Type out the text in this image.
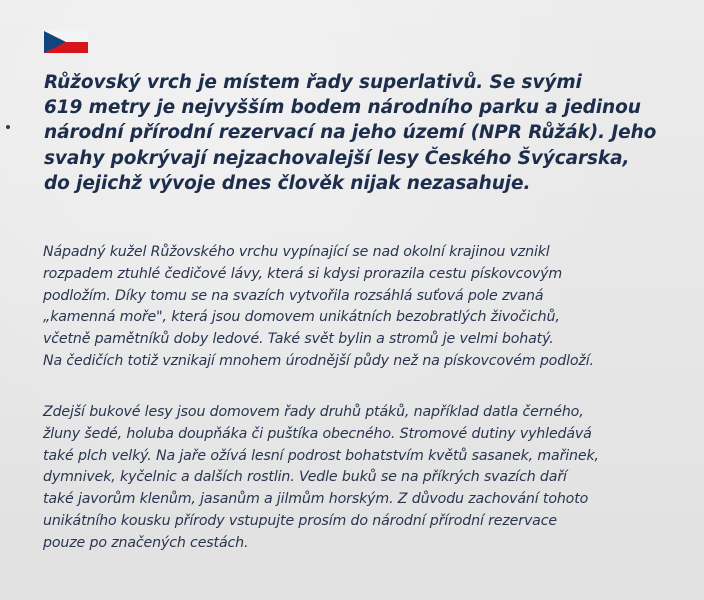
Růžovský vrch je místem řady superlativů. Se svými
619 metry je nejvyšším bodem národního parku a jedinou
národní přírodní rezervací na jeho území (NPR Růžák). Jeho
svahy pokrývají nejzachovalejší lesy Českého Švýcarska,
do jejichž vývoje dnes člověk nijak nezasahuje.

Nápadný kužel Růžovského vrchu vypínající se nad okolní krajinou vznikl
rozpadem ztuhlé čedičové lávy, která si kdysi prorazila cestu pískovcovým
podložím. Díky tomu se na svazích vytvořila rozsáhlá suťová pole zvaná
„kamenná moře", která jsou domovem unikátních bezobratlých živočichů,
včetně pamětníků doby ledové. Také svět bylin a stromů je velmi bohatý.
Na čedičích totiž vznikají mnohem úrodnější půdy než na pískovcovém podloží.

Zdejší bukové lesy jsou domovem řady druhů ptáků, například datla černého,
žluny šedé, holuba doupňáka či puštíka obecného. Stromové dutiny vyhledává
také plch velký. Na jaře ožívá lesní podrost bohatstvím květů sasanek, mařinek,
dymnivek, kyčelnic a dalších rostlin. Vedle buků se na příkrých svazích daří
také javorům klenům, jasanům a jilmům horským. Z důvodu zachování tohoto
unikátního kousku přírody vstupujte prosím do národní přírodní rezervace
pouze po značených cestách.
